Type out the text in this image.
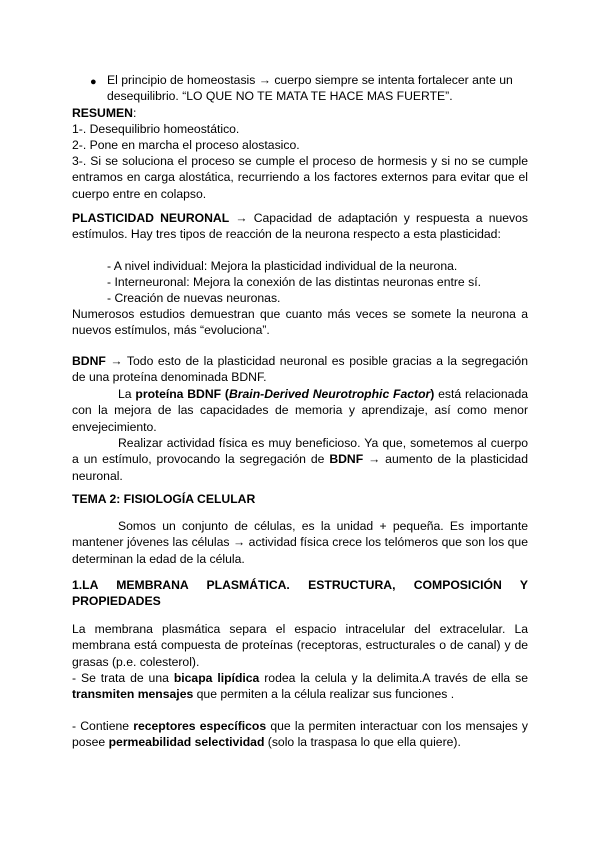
● El principio de homeostasis → cuerpo siempre se intenta fortalecer ante un
desequilibrio. “LO QUE NO TE MATA TE HACE MAS FUERTE”.

RESUMEN:

1-. Desequilibrio homeostático.

2-. Pone en marcha el proceso alostasico.

3-. Si se soluciona el proceso se cumple el proceso de hormesis y si no se cumple entramos en carga alostática, recurriendo a los factores externos para evitar que el cuerpo entre en colapso.

PLASTICIDAD NEURONAL → Capacidad de adaptación y respuesta a nuevos estímulos. Hay tres tipos de reacción de la neurona respecto a esta plasticidad:

- A nivel individual: Mejora la plasticidad individual de la neurona.
- Interneuronal: Mejora la conexión de las distintas neuronas entre sí.
- Creación de nuevas neuronas.

Numerosos estudios demuestran que cuanto más veces se somete la neurona a nuevos estímulos, más “evoluciona”.

BDNF → Todo esto de la plasticidad neuronal es posible gracias a la segregación de una proteína denominada BDNF.

La proteína BDNF (Brain-Derived Neurotrophic Factor) está relacionada con la mejora de las capacidades de memoria y aprendizaje, así como menor envejecimiento.

Realizar actividad física es muy beneficioso. Ya que, sometemos al cuerpo a un estímulo, provocando la segregación de BDNF → aumento de la plasticidad neuronal.

TEMA 2: FISIOLOGÍA CELULAR

Somos un conjunto de células, es la unidad + pequeña. Es importante mantener jóvenes las células → actividad física crece los telómeros que son los que determinan la edad de la célula.

1.LA MEMBRANA PLASMÁTICA. ESTRUCTURA, COMPOSICIÓN Y PROPIEDADES

La membrana plasmática separa el espacio intracelular del extracelular. La membrana está compuesta de proteínas (receptoras, estructurales o de canal) y de grasas (p.e. colesterol).

- Se trata de una bicapa lipídica rodea la celula y la delimita.A través de ella se transmiten mensajes que permiten a la célula realizar sus funciones .

- Contiene receptores específicos que la permiten interactuar con los mensajes y posee permeabilidad selectividad (solo la traspasa lo que ella quiere).
